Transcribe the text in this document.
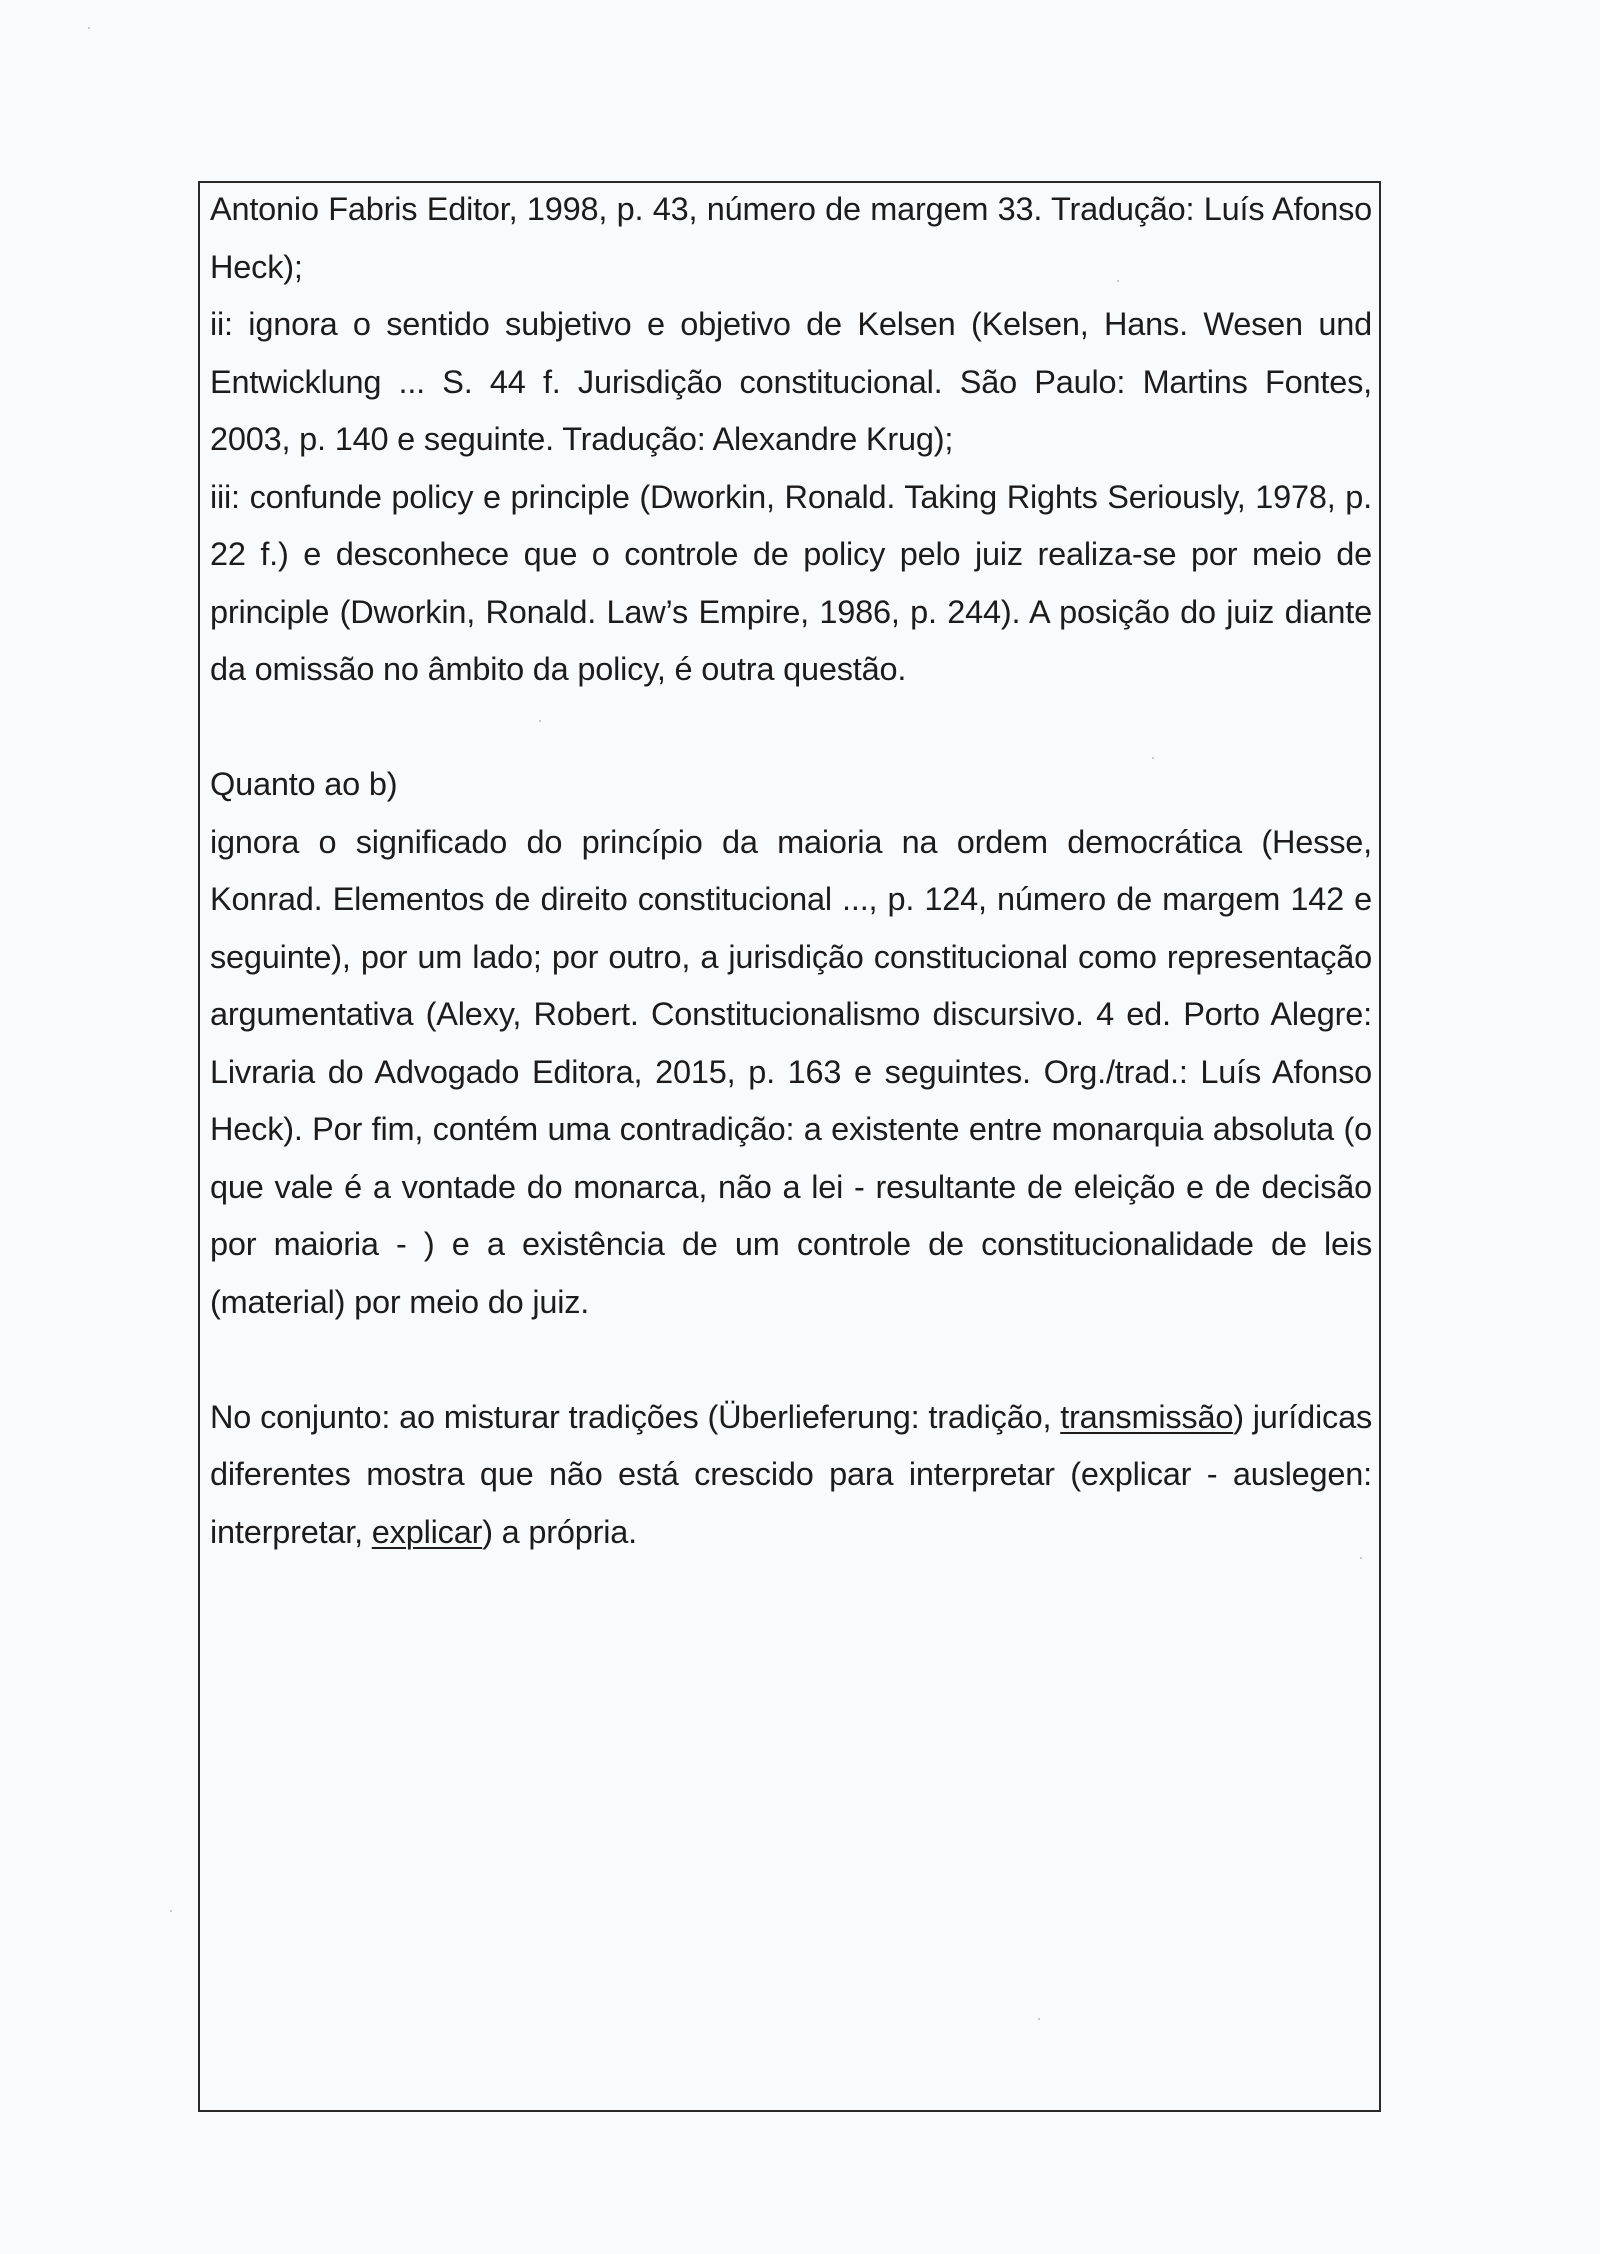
Antonio Fabris Editor, 1998, p. 43, número de margem 33. Tradução: Luís Afonso Heck);

ii: ignora o sentido subjetivo e objetivo de Kelsen (Kelsen, Hans. Wesen und Entwicklung ... S. 44 f. Jurisdição constitucional. São Paulo: Martins Fontes, 2003, p. 140 e seguinte. Tradução: Alexandre Krug);

iii: confunde policy e principle (Dworkin, Ronald. Taking Rights Seriously, 1978, p. 22 f.) e desconhece que o controle de policy pelo juiz realiza-se por meio de principle (Dworkin, Ronald. Law’s Empire, 1986, p. 244). A posição do juiz diante da omissão no âmbito da policy, é outra questão.

Quanto ao b)

ignora o significado do princípio da maioria na ordem democrática (Hesse, Konrad. Elementos de direito constitucional ..., p. 124, número de margem 142 e seguinte), por um lado; por outro, a jurisdição constitucional como representação argumentativa (Alexy, Robert. Constitucionalismo discursivo. 4 ed. Porto Alegre: Livraria do Advogado Editora, 2015, p. 163 e seguintes. Org./trad.: Luís Afonso Heck). Por fim, contém uma contradição: a existente entre monarquia absoluta (o que vale é a vontade do monarca, não a lei - resultante de eleição e de decisão por maioria - ) e a existência de um controle de constitucionalidade de leis (material) por meio do juiz.

No conjunto: ao misturar tradições (Überlieferung: tradição, transmissão) jurídicas diferentes mostra que não está crescido para interpretar (explicar - auslegen: interpretar, explicar) a própria.
